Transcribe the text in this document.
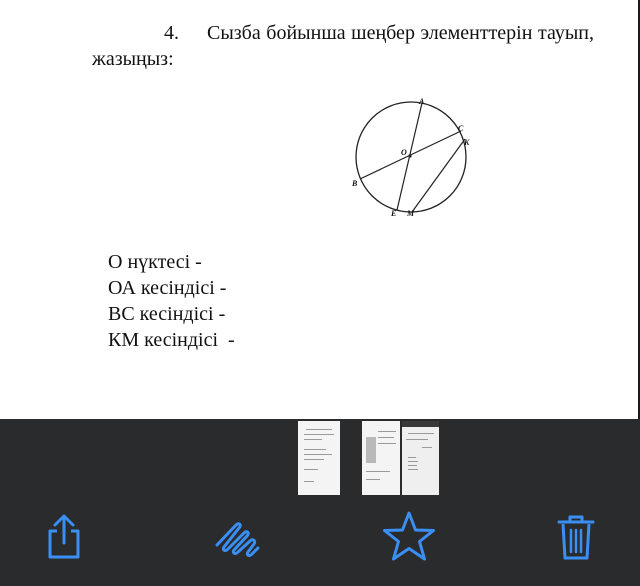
4. Сызба бойынша шеңбер элементтерін тауып, жазыңыз:
A
C
K
O
B
E M
О нүктесі -
ОА кесіндісі -
ВС кесіндісі -
КМ кесіндісі  -
